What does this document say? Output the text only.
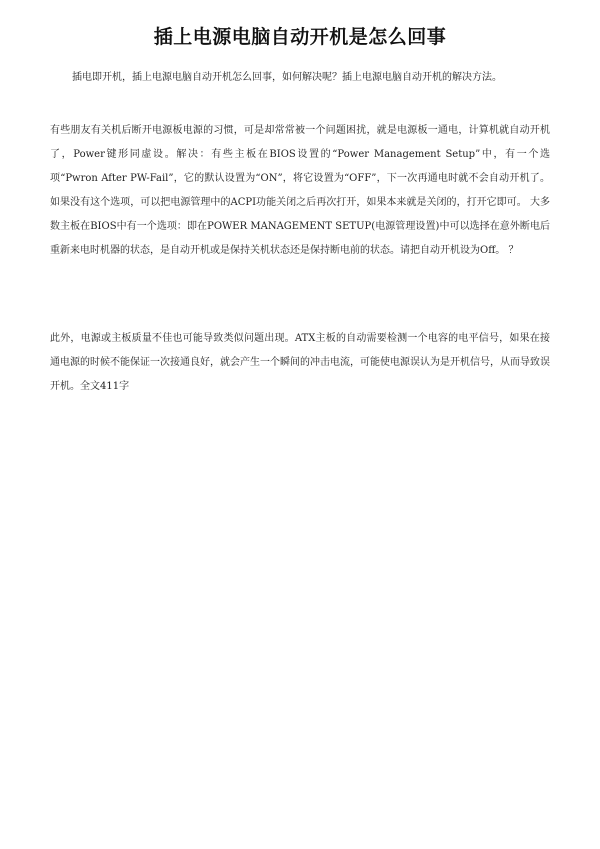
插上电源电脑自动开机是怎么回事

插电即开机，插上电源电脑自动开机怎么回事，如何解决呢？插上电源电脑自动开机的解决方法。

有些朋友有关机后断开电源板电源的习惯，可是却常常被一个问题困扰，就是电源板一通电，计算机就自动开机了，Power键形同虚设。解决：有些主板在BIOS设置的“Power Management Setup”中，有一个选项“Pwron After PW-Fail”，它的默认设置为“ON”，将它设置为“OFF”，下一次再通电时就不会自动开机了。如果没有这个选项，可以把电源管理中的ACPI功能关闭之后再次打开，如果本来就是关闭的，打开它即可。 大多数主板在BIOS中有一个选项：即在POWER MANAGEMENT SETUP(电源管理设置)中可以选择在意外断电后重新来电时机器的状态，是自动开机或是保持关机状态还是保持断电前的状态。请把自动开机设为Off。 ？

此外，电源或主板质量不佳也可能导致类似问题出现。ATX主板的自动需要检测一个电容的电平信号，如果在接通电源的时候不能保证一次接通良好，就会产生一个瞬间的冲击电流，可能使电源误认为是开机信号，从而导致误开机。全文411字
